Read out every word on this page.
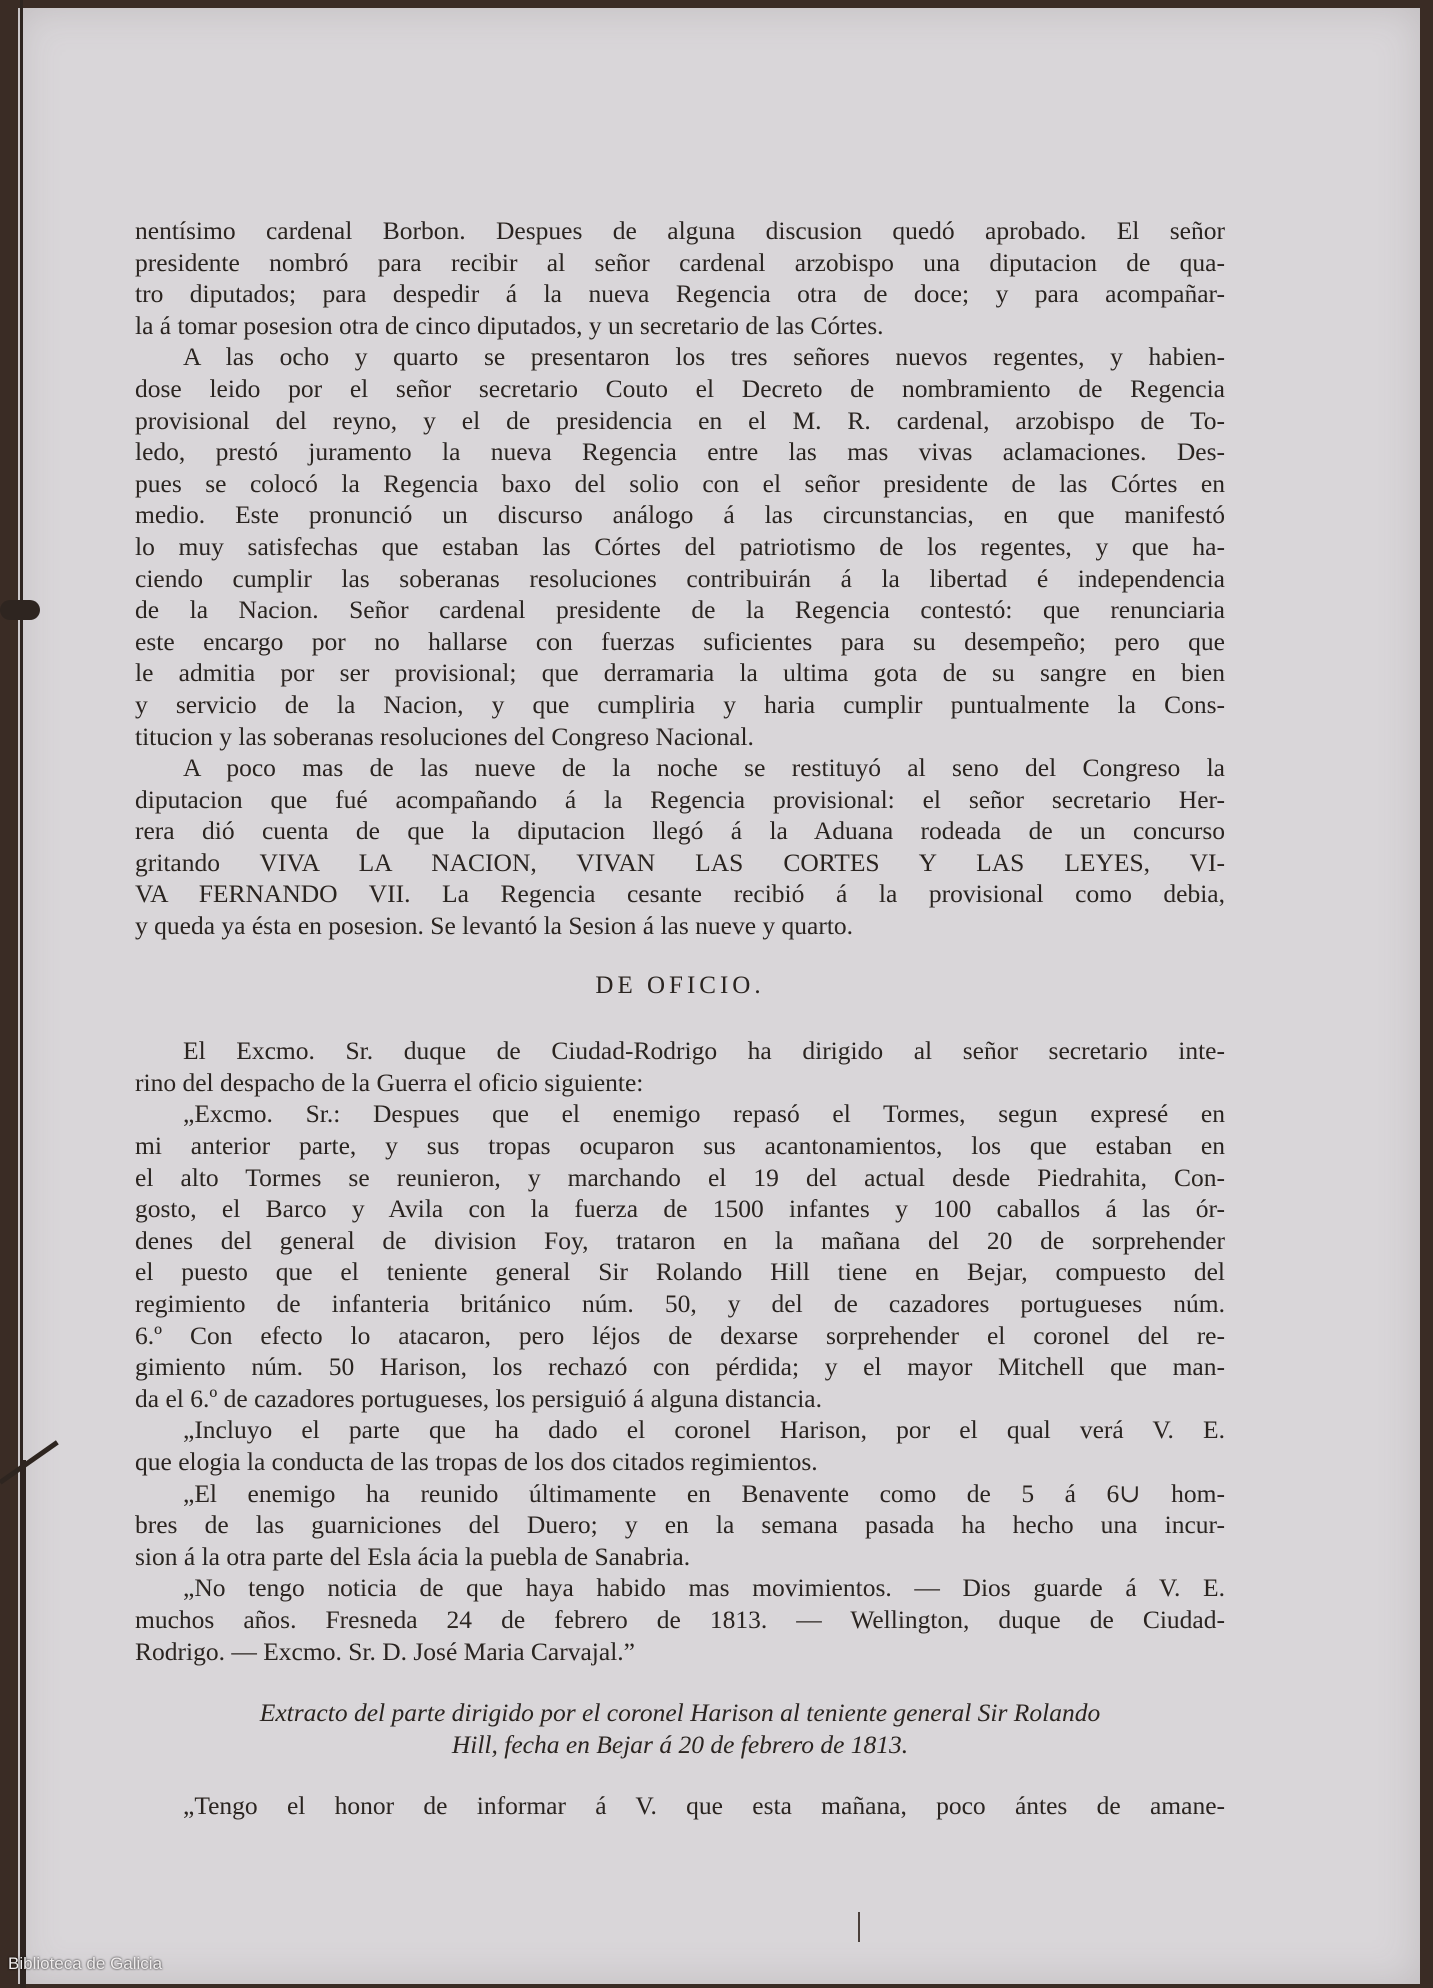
nentísimo cardenal Borbon. Despues de alguna discusion quedó aprobado. El señor
presidente nombró para recibir al señor cardenal arzobispo una diputacion de qua-
tro diputados; para despedir á la nueva Regencia otra de doce; y para acompañar-
la á tomar posesion otra de cinco diputados, y un secretario de las Córtes.
A las ocho y quarto se presentaron los tres señores nuevos regentes, y habien-
dose leido por el señor secretario Couto el Decreto de nombramiento de Regencia
provisional del reyno, y el de presidencia en el M. R. cardenal, arzobispo de To-
ledo, prestó juramento la nueva Regencia entre las mas vivas aclamaciones. Des-
pues se colocó la Regencia baxo del solio con el señor presidente de las Córtes en
medio. Este pronunció un discurso análogo á las circunstancias, en que manifestó
lo muy satisfechas que estaban las Córtes del patriotismo de los regentes, y que ha-
ciendo cumplir las soberanas resoluciones contribuirán á la libertad é independencia
de la Nacion. Señor cardenal presidente de la Regencia contestó: que renunciaria
este encargo por no hallarse con fuerzas suficientes para su desempeño; pero que
le admitia por ser provisional; que derramaria la ultima gota de su sangre en bien
y servicio de la Nacion, y que cumpliria y haria cumplir puntualmente la Cons-
titucion y las soberanas resoluciones del Congreso Nacional.
A poco mas de las nueve de la noche se restituyó al seno del Congreso la
diputacion que fué acompañando á la Regencia provisional: el señor secretario Her-
rera dió cuenta de que la diputacion llegó á la Aduana rodeada de un concurso
gritando VIVA LA NACION, VIVAN LAS CORTES Y LAS LEYES, VI-
VA FERNANDO VII. La Regencia cesante recibió á la provisional como debia,
y queda ya ésta en posesion. Se levantó la Sesion á las nueve y quarto.
DE OFICIO.
El Excmo. Sr. duque de Ciudad-Rodrigo ha dirigido al señor secretario inte-
rino del despacho de la Guerra el oficio siguiente:
„Excmo. Sr.: Despues que el enemigo repasó el Tormes, segun expresé en
mi anterior parte, y sus tropas ocuparon sus acantonamientos, los que estaban en
el alto Tormes se reunieron, y marchando el 19 del actual desde Piedrahita, Con-
gosto, el Barco y Avila con la fuerza de 1500 infantes y 100 caballos á las ór-
denes del general de division Foy, trataron en la mañana del 20 de sorprehender
el puesto que el teniente general Sir Rolando Hill tiene en Bejar, compuesto del
regimiento de infanteria británico núm. 50, y del de cazadores portugueses núm.
6.º Con efecto lo atacaron, pero léjos de dexarse sorprehender el coronel del re-
gimiento núm. 50 Harison, los rechazó con pérdida; y el mayor Mitchell que man-
da el 6.º de cazadores portugueses, los persiguió á alguna distancia.
„Incluyo el parte que ha dado el coronel Harison, por el qual verá V. E.
que elogia la conducta de las tropas de los dos citados regimientos.
„El enemigo ha reunido últimamente en Benavente como de 5 á 6∪ hom-
bres de las guarniciones del Duero; y en la semana pasada ha hecho una incur-
sion á la otra parte del Esla ácia la puebla de Sanabria.
„No tengo noticia de que haya habido mas movimientos. — Dios guarde á V. E.
muchos años. Fresneda 24 de febrero de 1813. — Wellington, duque de Ciudad-
Rodrigo. — Excmo. Sr. D. José Maria Carvajal.”
Extracto del parte dirigido por el coronel Harison al teniente general Sir Rolando
Hill, fecha en Bejar á 20 de febrero de 1813.
„Tengo el honor de informar á V. que esta mañana, poco ántes de amane-
Biblioteca de Galicia
